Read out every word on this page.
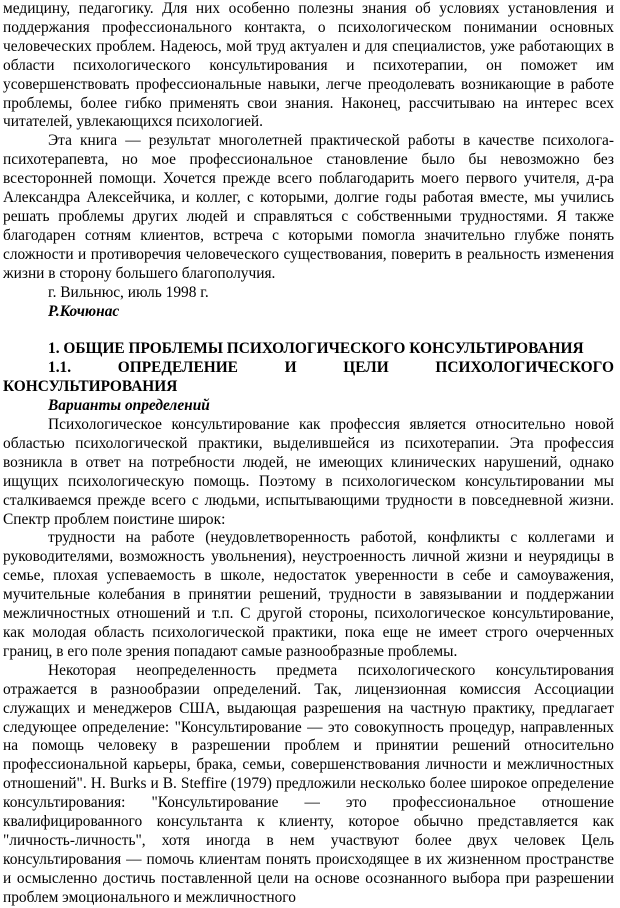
медицину, педагогику. Для них особенно полезны знания об условиях установления и поддержания профессионального контакта, о психологическом понимании основных человеческих проблем. Надеюсь, мой труд актуален и для специалистов, уже работающих в области психологического консультирования и психотерапии, он поможет им усовершенствовать профессиональные навыки, легче преодолевать возникающие в работе проблемы, более гибко применять свои знания. Наконец, рассчитываю на интерес всех читателей, увлекающихся психологией.

Эта книга — результат многолетней практической работы в качестве психолога-психотерапевта, но мое профессиональное становление было бы невозможно без всесторонней помощи. Хочется прежде всего поблагодарить моего первого учителя, д-ра Александра Алексейчика, и коллег, с которыми, долгие годы работая вместе, мы учились решать проблемы других людей и справляться с собственными трудностями. Я также благодарен сотням клиентов, встреча с которыми помогла значительно глубже понять сложности и противоречия человеческого существования, поверить в реальность изменения жизни в сторону большего благополучия.

г. Вильнюс, июль 1998 г.

Р.Кочюнас

1. ОБЩИЕ ПРОБЛЕМЫ ПСИХОЛОГИЧЕСКОГО КОНСУЛЬТИРОВАНИЯ

1.1. ОПРЕДЕЛЕНИЕ И ЦЕЛИ ПСИХОЛОГИЧЕСКОГО

КОНСУЛЬТИРОВАНИЯ

Варианты определений

Психологическое консультирование как профессия является относительно новой областью психологической практики, выделившейся из психотерапии. Эта профессия возникла в ответ на потребности людей, не имеющих клинических нарушений, однако ищущих психологическую помощь. Поэтому в психологическом консультировании мы сталкиваемся прежде всего с людьми, испытывающими трудности в повседневной жизни. Спектр проблем поистине широк:

трудности на работе (неудовлетворенность работой, конфликты с коллегами и руководителями, возможность увольнения), неустроенность личной жизни и неурядицы в семье, плохая успеваемость в школе, недостаток уверенности в себе и самоуважения, мучительные колебания в принятии решений, трудности в завязывании и поддержании межличностных отношений и т.п. С другой стороны, психологическое консультирование, как молодая область психологической практики, пока еще не имеет строго очерченных границ, в его поле зрения попадают самые разнообразные проблемы.

Некоторая неопределенность предмета психологического консультирования отражается в разнообразии определений. Так, лицензионная комиссия Ассоциации служащих и менеджеров США, выдающая разрешения на частную практику, предлагает следующее определение: "Консультирование — это совокупность процедур, направленных на помощь человеку в разрешении проблем и принятии решений относительно профессиональной карьеры, брака, семьи, совершенствования личности и межличностных отношений". H. Burks и B. Steffire (1979) предложили несколько более широкое определение консультирования: "Консультирование — это профессиональное отношение квалифицированного консультанта к клиенту, которое обычно представляется как "личность-личность", хотя иногда в нем участвуют более двух человек Цель консультирования — помочь клиентам понять происходящее в их жизненном пространстве и осмысленно достичь поставленной цели на основе осознанного выбора при разрешении проблем эмоционального и межличностного
